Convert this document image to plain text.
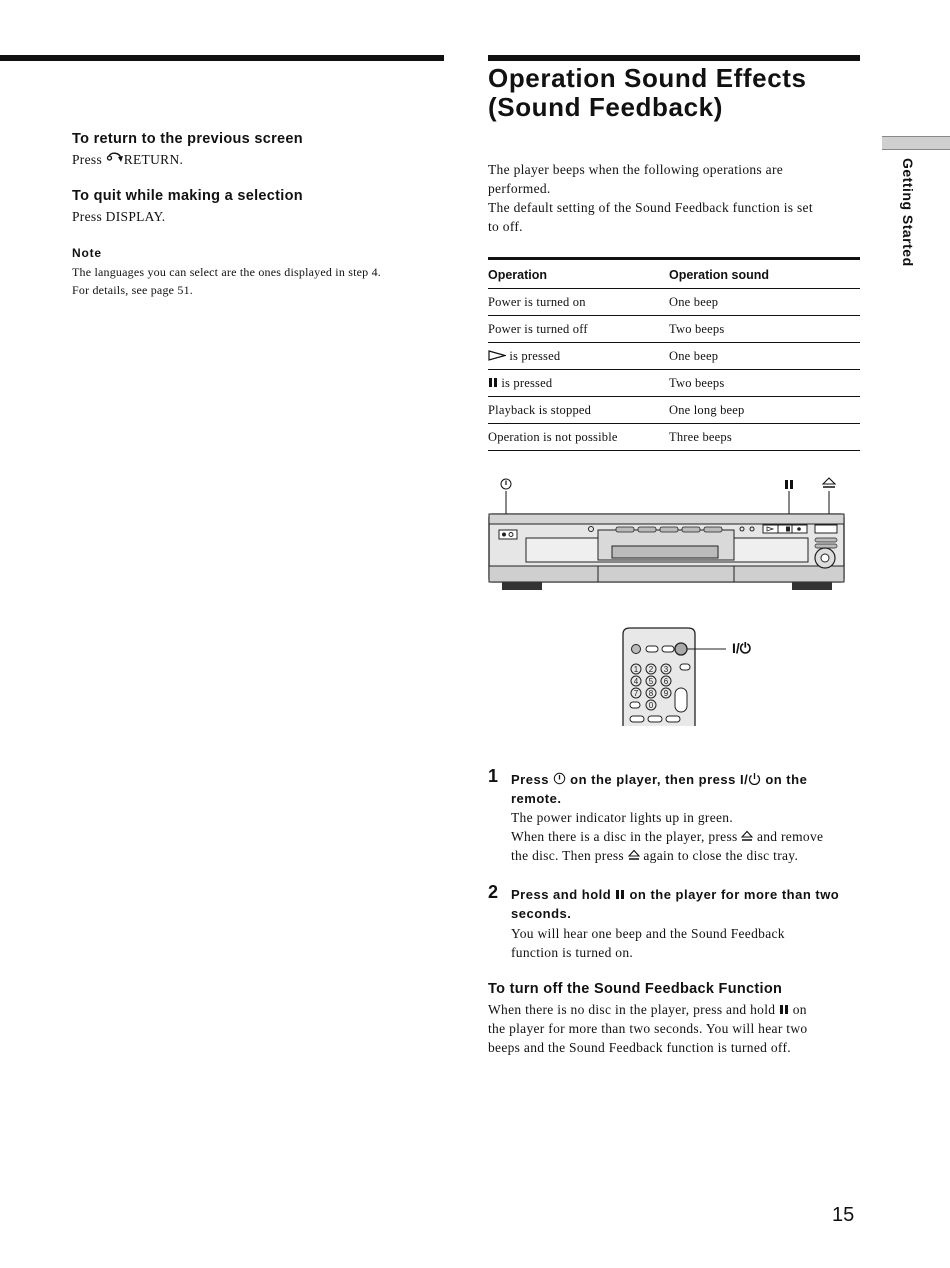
To return to the previous screen
Press RETURN.
To quit while making a selection
Press DISPLAY.
Note
The languages you can select are the ones displayed in step 4.
For details, see page 51.
Getting Started
Operation Sound Effects
(Sound Feedback)
The player beeps when the following operations are
performed.
The default setting of the Sound Feedback function is set
to off.
Operation	Operation sound
Power is turned on	One beep
Power is turned off	Two beeps
is pressed	One beep
is pressed	Two beeps
Playback is stopped	One long beep
Operation is not possible	Three beeps
1 2 3
4 5 6
7 8 9
0
I/⏻
1 Press on the player, then press I/ on the
remote.
The power indicator lights up in green.
When there is a disc in the player, press and remove
the disc. Then press again to close the disc tray.
2 Press and hold on the player for more than two
seconds.
You will hear one beep and the Sound Feedback
function is turned on.
To turn off the Sound Feedback Function
When there is no disc in the player, press and hold on
the player for more than two seconds. You will hear two
beeps and the Sound Feedback function is turned off.
15
